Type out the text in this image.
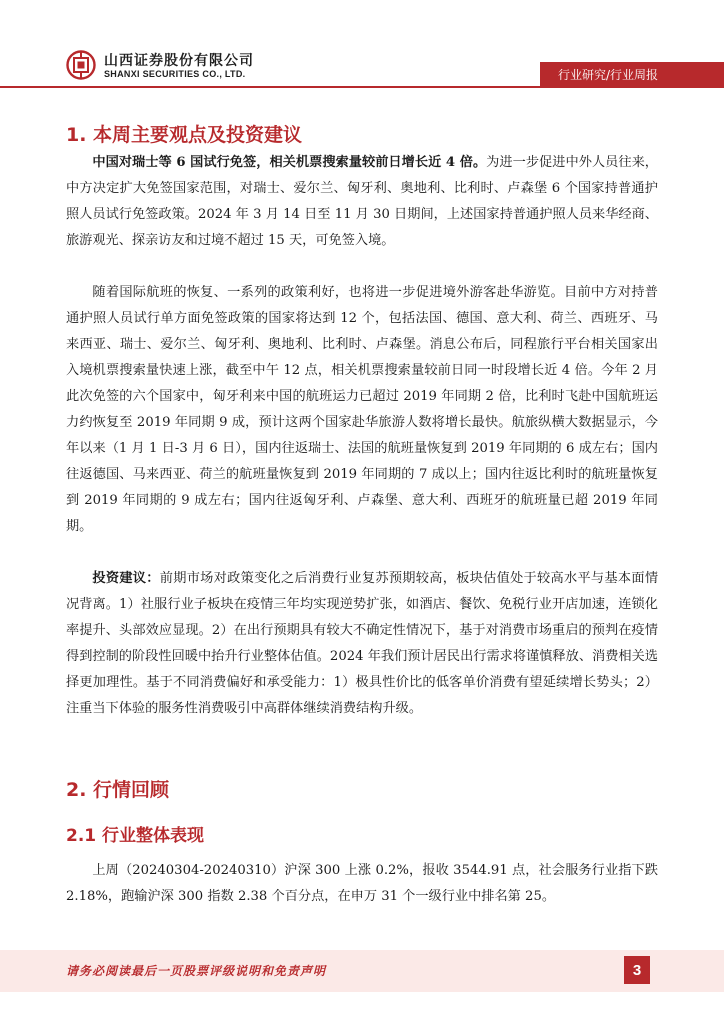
山西证券股份有限公司
SHANXI SECURITIES CO., LTD.	行业研究/行业周报
1. 本周主要观点及投资建议

中国对瑞士等 6 国试行免签，相关机票搜索量较前日增长近 4 倍。为进一步促进中外人员往来，中方决定扩大免签国家范围，对瑞士、爱尔兰、匈牙利、奥地利、比利时、卢森堡 6 个国家持普通护照人员试行免签政策。2024 年 3 月 14 日至 11 月 30 日期间，上述国家持普通护照人员来华经商、旅游观光、探亲访友和过境不超过 15 天，可免签入境。

随着国际航班的恢复、一系列的政策利好，也将进一步促进境外游客赴华游览。目前中方对持普通护照人员试行单方面免签政策的国家将达到 12 个，包括法国、德国、意大利、荷兰、西班牙、马来西亚、瑞士、爱尔兰、匈牙利、奥地利、比利时、卢森堡。消息公布后，同程旅行平台相关国家出入境机票搜索量快速上涨，截至中午 12 点，相关机票搜索量较前日同一时段增长近 4 倍。今年 2 月此次免签的六个国家中，匈牙利来中国的航班运力已超过 2019 年同期 2 倍，比利时飞赴中国航班运力约恢复至 2019 年同期 9 成，预计这两个国家赴华旅游人数将增长最快。航旅纵横大数据显示，今年以来（1 月 1 日-3 月 6 日），国内往返瑞士、法国的航班量恢复到 2019 年同期的 6 成左右；国内往返德国、马来西亚、荷兰的航班量恢复到 2019 年同期的 7 成以上；国内往返比利时的航班量恢复到 2019 年同期的 9 成左右；国内往返匈牙利、卢森堡、意大利、西班牙的航班量已超 2019 年同期。

投资建议：前期市场对政策变化之后消费行业复苏预期较高，板块估值处于较高水平与基本面情况背离。1）社服行业子板块在疫情三年均实现逆势扩张，如酒店、餐饮、免税行业开店加速，连锁化率提升、头部效应显现。2）在出行预期具有较大不确定性情况下，基于对消费市场重启的预判在疫情得到控制的阶段性回暖中抬升行业整体估值。2024 年我们预计居民出行需求将谨慎释放、消费相关选择更加理性。基于不同消费偏好和承受能力：1）极具性价比的低客单价消费有望延续增长势头；2）注重当下体验的服务性消费吸引中高群体继续消费结构升级。

2. 行情回顾
2.1 行业整体表现

上周（20240304-20240310）沪深 300 上涨 0.2%，报收 3544.91 点，社会服务行业指下跌 2.18%，跑输沪深 300 指数 2.38 个百分点，在申万 31 个一级行业中排名第 25。

请务必阅读最后一页股票评级说明和免责声明	3
